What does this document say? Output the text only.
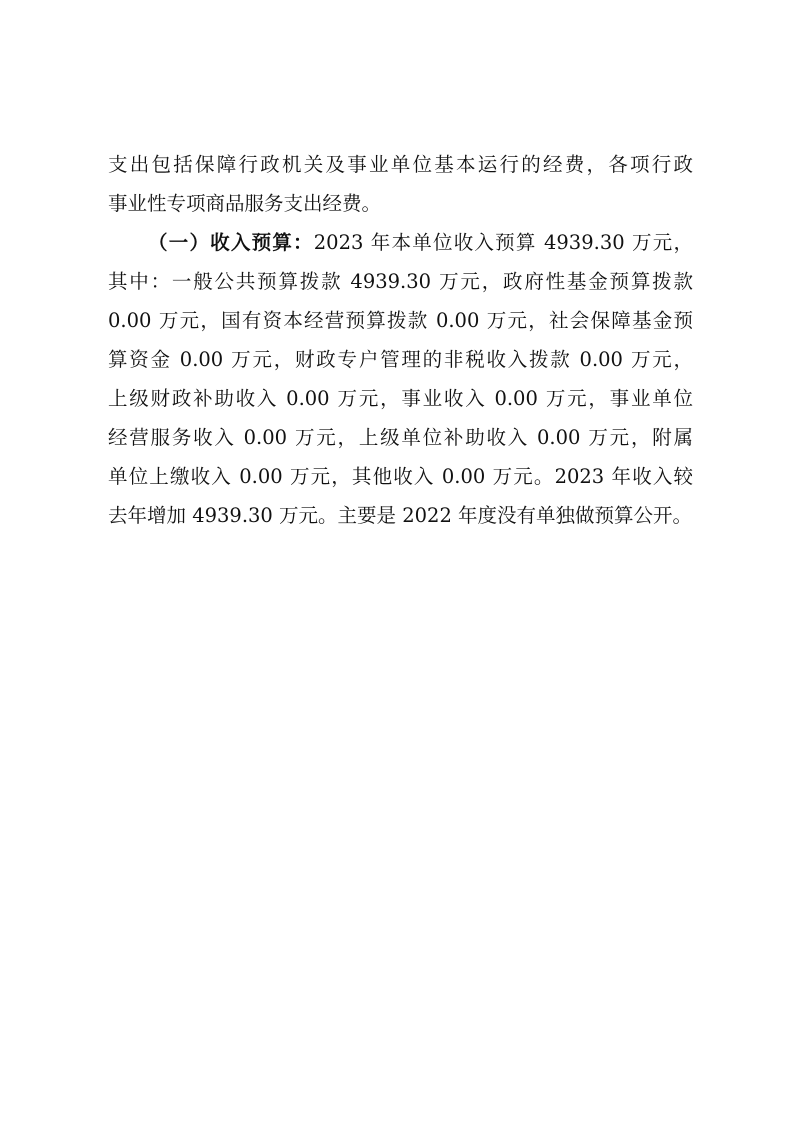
支出包括保障行政机关及事业单位基本运行的经费，各项行政
事业性专项商品服务支出经费。
（一）收入预算：2023 年本单位收入预算 4939.30 万元，
其中：一般公共预算拨款 4939.30 万元，政府性基金预算拨款
0.00 万元，国有资本经营预算拨款 0.00 万元，社会保障基金预
算资金 0.00 万元，财政专户管理的非税收入拨款 0.00 万元，
上级财政补助收入 0.00 万元，事业收入 0.00 万元，事业单位
经营服务收入 0.00 万元，上级单位补助收入 0.00 万元，附属
单位上缴收入 0.00 万元，其他收入 0.00 万元。2023 年收入较
去年增加 4939.30 万元。主要是 2022 年度没有单独做预算公开。
